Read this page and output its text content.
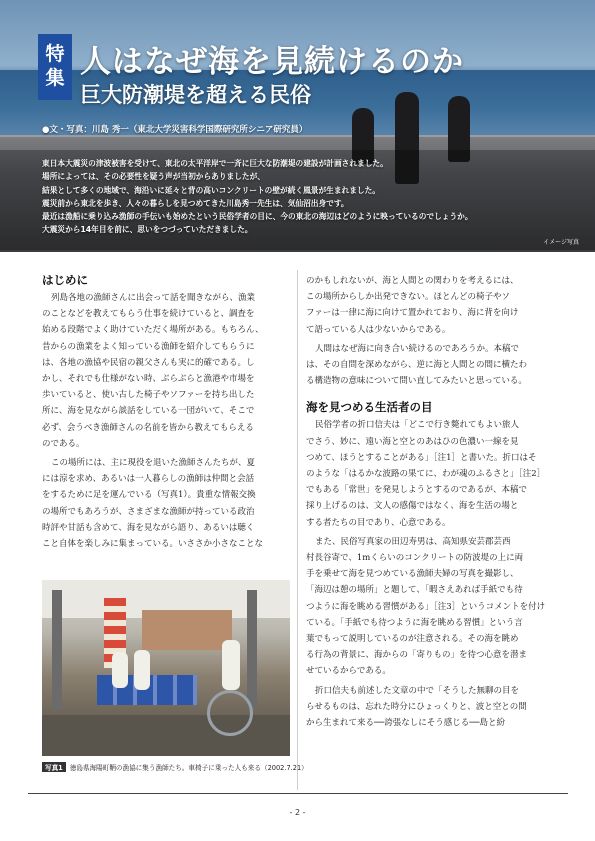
特
集 人はなぜ海を見続けるのか
巨大防潮堤を超える民俗
●文・写真：川島 秀一（東北大学災害科学国際研究所シニア研究員）
東日本大震災の津波被害を受けて、東北の太平洋岸で一斉に巨大な防潮堤の建設が計画されました。
場所によっては、その必要性を疑う声が当初からありましたが、
結果として多くの地域で、海沿いに延々と背の高いコンクリートの壁が続く風景が生まれました。
震災前から東北を歩き、人々の暮らしを見つめてきた川島秀一先生は、気仙沼出身です。
最近は漁船に乗り込み漁師の手伝いも始めたという民俗学者の目に、今の東北の海辺はどのように映っているのでしょうか。
大震災から14年目を前に、思いをつづっていただきました。
イメージ写真

はじめに

列島各地の漁師さんに出会って話を聞きながら、漁業
のことなどを教えてもらう仕事を続けていると、調査を
始める段階でよく助けていただく場所がある。もちろん、
昔からの漁業をよく知っている漁師を紹介してもらうに
は、各地の漁協や民宿の親父さんも実に的確である。し
かし、それでも仕様がない時、ぶらぶらと漁港や市場を
歩いていると、使い古した椅子やソファーを持ち出した
所に、海を見ながら談話をしている一団がいて、そこで
必ず、会うべき漁師さんの名前を皆から教えてもらえる
のである。
この場所には、主に現役を退いた漁師さんたちが、夏
には涼を求め、あるいは一人暮らしの漁師は仲間と会話
をするために足を運んでいる（写真1）。貴重な情報交換
の場所でもあろうが、さまざまな漁師が持っている政治
時評や甘話も含めて、海を見ながら語り、あるいは聴く
こと自体を楽しみに集まっている。いささか小さなことな
のかもしれないが、海と人間との関わりを考えるには、
この場所からしか出発できない。ほとんどの椅子やソ
ファーは一律に海に向けて置かれており、海に背を向け
て語っている人は少ないからである。
人間はなぜ海に向き合い続けるのであろうか。本稿で
は、その自問を深めながら、逆に海と人間との間に横たわ
る構造物の意味について問い直してみたいと思っている。

海を見つめる生活者の目

民俗学者の折口信夫は「どこで行き斃れてもよい旅人
でさう、妙に、遠い海と空とのあはひの色濃い一線を見
つめて、ほうとすることがある」［注1］と書いた。折口はそ
のような「はるかな波路の果てに、わが魂のふるさと」［注2］
でもある「常世」を発見しようとするのであるが、本稿で
採り上げるのは、文人の感傷ではなく、海を生活の場と
する者たちの目であり、心意である。
また、民俗写真家の田辺寿男は、高知県安芸郡芸西
村長谷寄で、1mくらいのコンクリートの防波堤の上に両
手を乗せて海を見つめている漁師夫婦の写真を撮影し、
「海辺は憩の場所」と題して、「暇さえあれば手紙でも待
つように海を眺める習慣がある」［注3］というコメントを付け
ている。「手紙でも待つように海を眺める習慣」という言
葉でもって説明しているのが注意される。その海を眺め
る行為の背景に、海からの「寄りもの」を待つ心意を潜ま
せているからである。
折口信夫も前述した文章の中で「そうした無聊の目を
らせるものは、忘れた時分にひょっくりと、波と空との間
から生まれて来る──誇張なしにそう感じる──島と紛
写真1 徳島県海陽町鞆の漁協に集う漁師たち。車椅子に乗った人も来る（2002.7.21）
- 2 -
